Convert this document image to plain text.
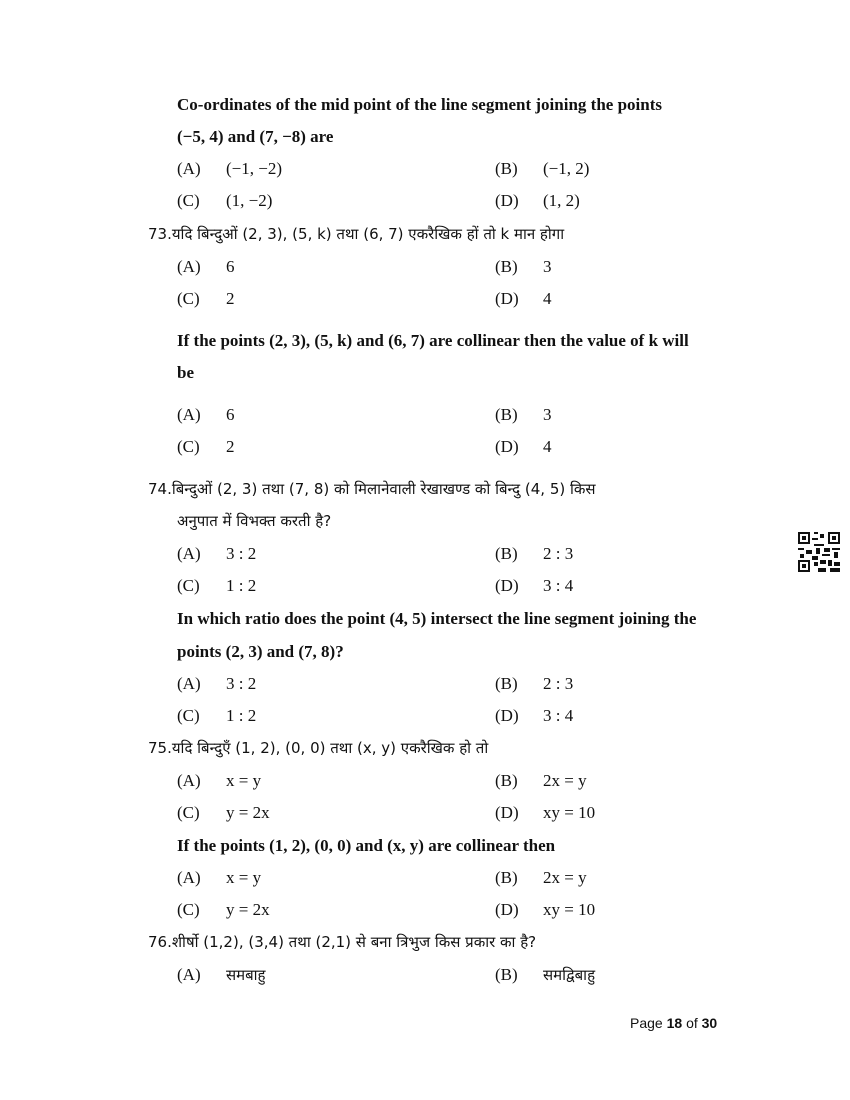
Co-ordinates of the mid point of the line segment joining the points
(−5, 4) and (7, −8) are
(A) (−1, −2)	(B) (−1, 2)
(C) (1, −2)	(D) (1, 2)
73.यदि बिन्दुओं (2, 3), (5, k) तथा (6, 7) एकरैखिक हों तो k मान होगा
(A) 6	(B) 3
(C) 2	(D) 4
If the points (2, 3), (5, k) and (6, 7) are collinear then the value of k will
be
(A) 6	(B) 3
(C) 2	(D) 4
74.बिन्दुओं (2, 3) तथा (7, 8) को मिलानेवाली रेखाखण्ड को बिन्दु (4, 5) किस
अनुपात में विभक्त करती है?
(A) 3 : 2	(B) 2 : 3
(C) 1 : 2	(D) 3 : 4
In which ratio does the point (4, 5) intersect the line segment joining the
points (2, 3) and (7, 8)?
(A) 3 : 2	(B) 2 : 3
(C) 1 : 2	(D) 3 : 4
75.यदि बिन्दुएँ (1, 2), (0, 0) तथा (x, y) एकरैखिक हो तो
(A) x = y	(B) 2x = y
(C) y = 2x	(D) xy = 10
If the points (1, 2), (0, 0) and (x, y) are collinear then
(A) x = y	(B) 2x = y
(C) y = 2x	(D) xy = 10
76.शीर्षो (1,2), (3,4) तथा (2,1) से बना त्रिभुज किस प्रकार का है?
(A) समबाहु	(B) समद्विबाहु
Page 18 of 30
